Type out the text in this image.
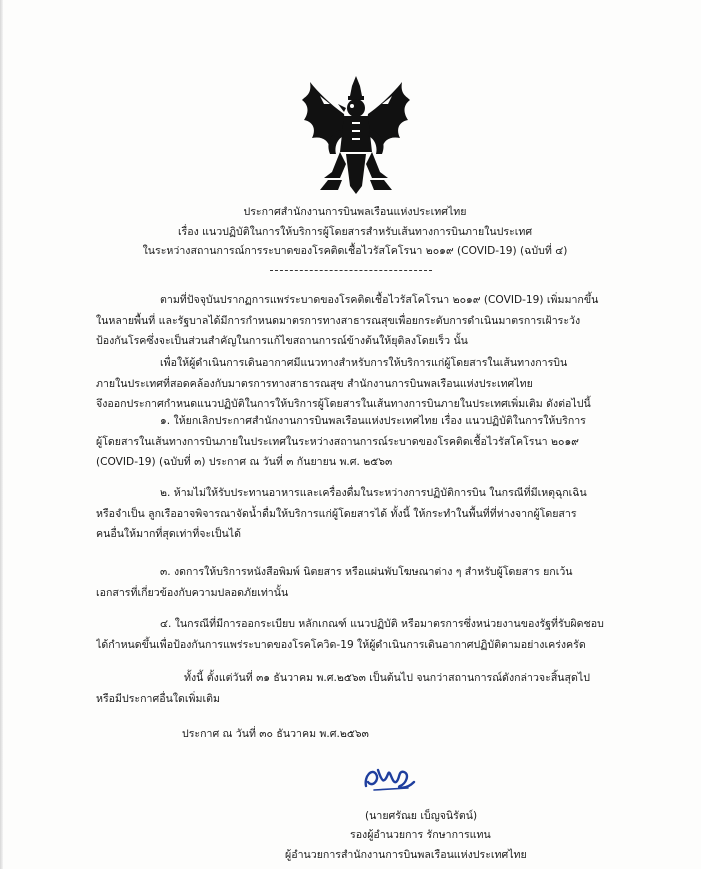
ประกาศสำนักงานการบินพลเรือนแห่งประเทศไทย
เรื่อง แนวปฏิบัติในการให้บริการผู้โดยสารสำหรับเส้นทางการบินภายในประเทศ
ในระหว่างสถานการณ์การระบาดของโรคติดเชื้อไวรัสโคโรนา ๒๐๑๙ (COVID-19) (ฉบับที่ ๔)
ตามที่ปัจจุบันปรากฏการแพร่ระบาดของโรคติดเชื้อไวรัสโคโรนา ๒๐๑๙ (COVID-19) เพิ่มมากขึ้น
ในหลายพื้นที่ และรัฐบาลได้มีการกำหนดมาตรการทางสาธารณสุขเพื่อยกระดับการดำเนินมาตรการเฝ้าระวัง
ป้องกันโรคซึ่งจะเป็นส่วนสำคัญในการแก้ไขสถานการณ์ข้างต้นให้ยุติลงโดยเร็ว นั้น
เพื่อให้ผู้ดำเนินการเดินอากาศมีแนวทางสำหรับการให้บริการแก่ผู้โดยสารในเส้นทางการบิน
ภายในประเทศที่สอดคล้องกับมาตรการทางสาธารณสุข สำนักงานการบินพลเรือนแห่งประเทศไทย
จึงออกประกาศกำหนดแนวปฏิบัติในการให้บริการผู้โดยสารในเส้นทางการบินภายในประเทศเพิ่มเติม ดังต่อไปนี้
๑. ให้ยกเลิกประกาศสำนักงานการบินพลเรือนแห่งประเทศไทย เรื่อง แนวปฏิบัติในการให้บริการ
ผู้โดยสารในเส้นทางการบินภายในประเทศในระหว่างสถานการณ์ระบาดของโรคติดเชื้อไวรัสโคโรนา ๒๐๑๙
(COVID-19) (ฉบับที่ ๓) ประกาศ ณ วันที่ ๓ กันยายน พ.ศ. ๒๕๖๓
๒. ห้ามไม่ให้รับประทานอาหารและเครื่องดื่มในระหว่างการปฏิบัติการบิน ในกรณีที่มีเหตุฉุกเฉิน
หรือจำเป็น ลูกเรืออาจพิจารณาจัดน้ำดื่มให้บริการแก่ผู้โดยสารได้ ทั้งนี้ ให้กระทำในพื้นที่ที่ห่างจากผู้โดยสาร
คนอื่นให้มากที่สุดเท่าที่จะเป็นได้
๓. งดการให้บริการหนังสือพิมพ์ นิตยสาร หรือแผ่นพับโฆษณาต่าง ๆ สำหรับผู้โดยสาร ยกเว้น
เอกสารที่เกี่ยวข้องกับความปลอดภัยเท่านั้น
๔. ในกรณีที่มีการออกระเบียบ หลักเกณฑ์ แนวปฏิบัติ หรือมาตรการซึ่งหน่วยงานของรัฐที่รับผิดชอบ
ได้กำหนดขึ้นเพื่อป้องกันการแพร่ระบาดของโรคโควิด-19 ให้ผู้ดำเนินการเดินอากาศปฏิบัติตามอย่างเคร่งครัด
ทั้งนี้ ตั้งแต่วันที่ ๓๑ ธันวาคม พ.ศ.๒๕๖๓ เป็นต้นไป จนกว่าสถานการณ์ดังกล่าวจะสิ้นสุดไป
หรือมีประกาศอื่นใดเพิ่มเติม
ประกาศ ณ วันที่ ๓๐ ธันวาคม พ.ศ.๒๕๖๓
(นายศรัณย เบ็ญจนิรัตน์)
รองผู้อำนวยการ รักษาการแทน
ผู้อำนวยการสำนักงานการบินพลเรือนแห่งประเทศไทย
